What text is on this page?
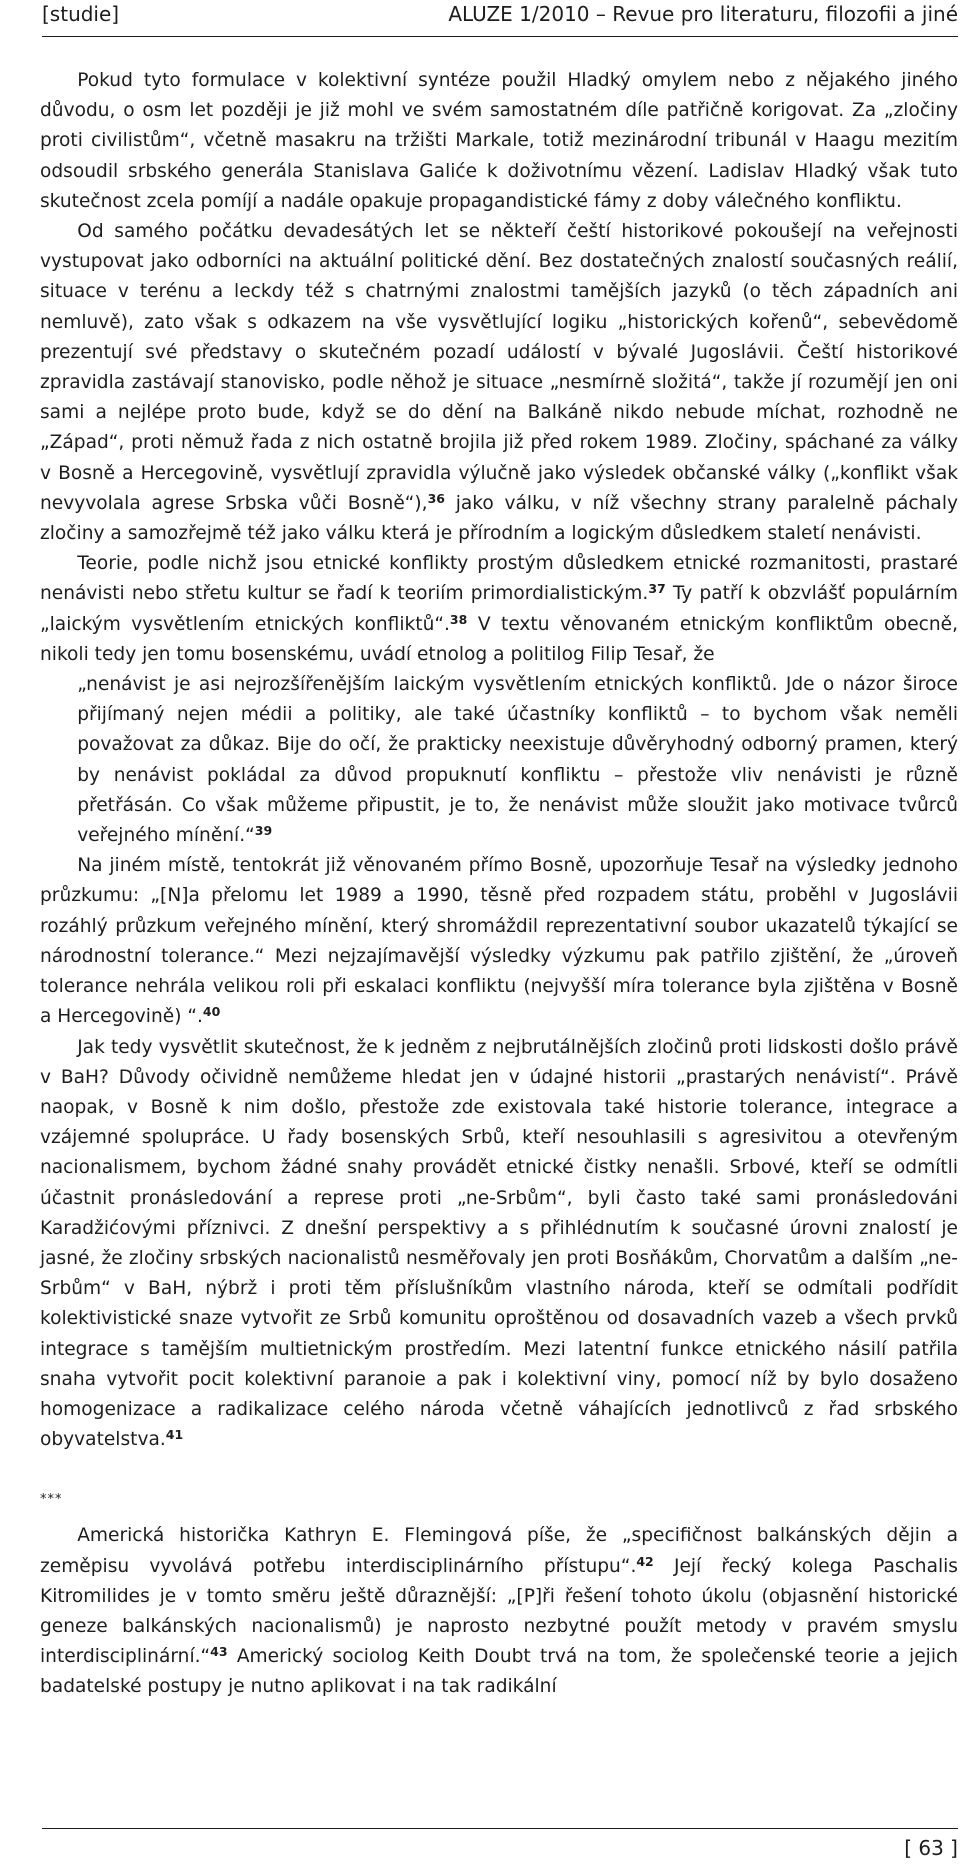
[studie]	ALUZE 1/2010 – Revue pro literaturu, filozofii a jiné

Pokud tyto formulace v kolektivní syntéze použil Hladký omylem nebo z nějakého jiného důvodu, o osm let později je již mohl ve svém samostatném díle patřičně korigovat. Za „zločiny proti civilistům“, včetně masakru na tržišti Markale, totiž mezinárodní tribunál v Haagu mezitím odsoudil srbského generála Stanislava Galiće k doživotnímu vězení. Ladislav Hladký však tuto skutečnost zcela pomíjí a nadále opakuje propagandistické fámy z doby válečného konfliktu.

Od samého počátku devadesátých let se někteří čeští historikové pokoušejí na veřejnosti vystupovat jako odborníci na aktuální politické dění. Bez dostatečných znalostí současných reálií, situace v terénu a leckdy též s chatrnými znalostmi tamějších jazyků (o těch západních ani nemluvě), zato však s odkazem na vše vysvětlující logiku „historických kořenů“, sebevědomě prezentují své představy o skutečném pozadí událostí v bývalé Jugoslávii. Čeští historikové zpravidla zastávají stanovisko, podle něhož je situace „nesmírně složitá“, takže jí rozumějí jen oni sami a nejlépe proto bude, když se do dění na Balkáně nikdo nebude míchat, rozhodně ne „Západ“, proti němuž řada z nich ostatně brojila již před rokem 1989. Zločiny, spáchané za války v Bosně a Hercegovině, vysvětlují zpravidla výlučně jako výsledek občanské války („konflikt však nevyvolala agrese Srbska vůči Bosně“),$^{36}$ jako válku, v níž všechny strany paralelně páchaly zločiny a samozřejmě též jako válku která je přírodním a logickým důsledkem staletí nenávisti.

Teorie, podle nichž jsou etnické konflikty prostým důsledkem etnické rozmanitosti, prastaré nenávisti nebo střetu kultur se řadí k teoriím primordialistickým.$^{37}$ Ty patří k obzvlášť populárním „laickým vysvětlením etnických konfliktů“.$^{38}$ V textu věnovaném etnickým konfliktům obecně, nikoli tedy jen tomu bosenskému, uvádí etnolog a politilog Filip Tesař, že

„nenávist je asi nejrozšířenějším laickým vysvětlením etnických konfliktů. Jde o názor široce přijímaný nejen médii a politiky, ale také účastníky konfliktů – to bychom však neměli považovat za důkaz. Bije do očí, že prakticky neexistuje důvěryhodný odborný pramen, který by nenávist pokládal za důvod propuknutí konfliktu – přestože vliv nenávisti je různě přetřásán. Co však můžeme připustit, je to, že nenávist může sloužit jako motivace tvůrců veřejného mínění.“$^{39}$

Na jiném místě, tentokrát již věnovaném přímo Bosně, upozorňuje Tesař na výsledky jednoho průzkumu: „[N]a přelomu let 1989 a 1990, těsně před rozpadem státu, proběhl v Jugoslávii rozáhlý průzkum veřejného mínění, který shromáždil reprezentativní soubor ukazatelů týkající se národnostní tolerance.“ Mezi nejzajímavější výsledky výzkumu pak patřilo zjištění, že „úroveň tolerance nehrála velikou roli při eskalaci konfliktu (nejvyšší míra tolerance byla zjištěna v Bosně a Hercegovině) “.$^{40}$

Jak tedy vysvětlit skutečnost, že k jedněm z nejbrutálnějších zločinů proti lidskosti došlo právě v BaH? Důvody očividně nemůžeme hledat jen v údajné historii „prastarých nenávistí“. Právě naopak, v Bosně k nim došlo, přestože zde existovala také historie tolerance, integrace a vzájemné spolupráce. U řady bosenských Srbů, kteří nesouhlasili s agresivitou a otevřeným nacionalismem, bychom žádné snahy provádět etnické čistky nenašli. Srbové, kteří se odmítli účastnit pronásledování a represe proti „ne-Srbům“, byli často také sami pronásledováni Karadžićovými příznivci. Z dnešní perspektivy a s přihlédnutím k současné úrovni znalostí je jasné, že zločiny srbských nacionalistů nesměřovaly jen proti Bosňákům, Chorvatům a dalším „ne-Srbům“ v BaH, nýbrž i proti těm příslušníkům vlastního národa, kteří se odmítali podřídit kolektivistické snaze vytvořit ze Srbů komunitu oproštěnou od dosavadních vazeb a všech prvků integrace s tamějším multietnickým prostředím. Mezi latentní funkce etnického násilí patřila snaha vytvořit pocit kolektivní paranoie a pak i kolektivní viny, pomocí níž by bylo dosaženo homogenizace a radikalizace celého národa včetně váhajících jednotlivců z řad srbského obyvatelstva.$^{41}$

***

Americká historička Kathryn E. Flemingová píše, že „specifičnost balkánských dějin a zeměpisu vyvolává potřebu interdisciplinárního přístupu“.$^{42}$ Její řecký kolega Paschalis Kitromilides je v tomto směru ještě důraznější: „[P]ři řešení tohoto úkolu (objasnění historické geneze balkánských nacionalismů) je naprosto nezbytné použít metody v pravém smyslu interdisciplinární.“$^{43}$ Americký sociolog Keith Doubt trvá na tom, že společenské teorie a jejich badatelské postupy je nutno aplikovat i na tak radikální

[ 63 ]
